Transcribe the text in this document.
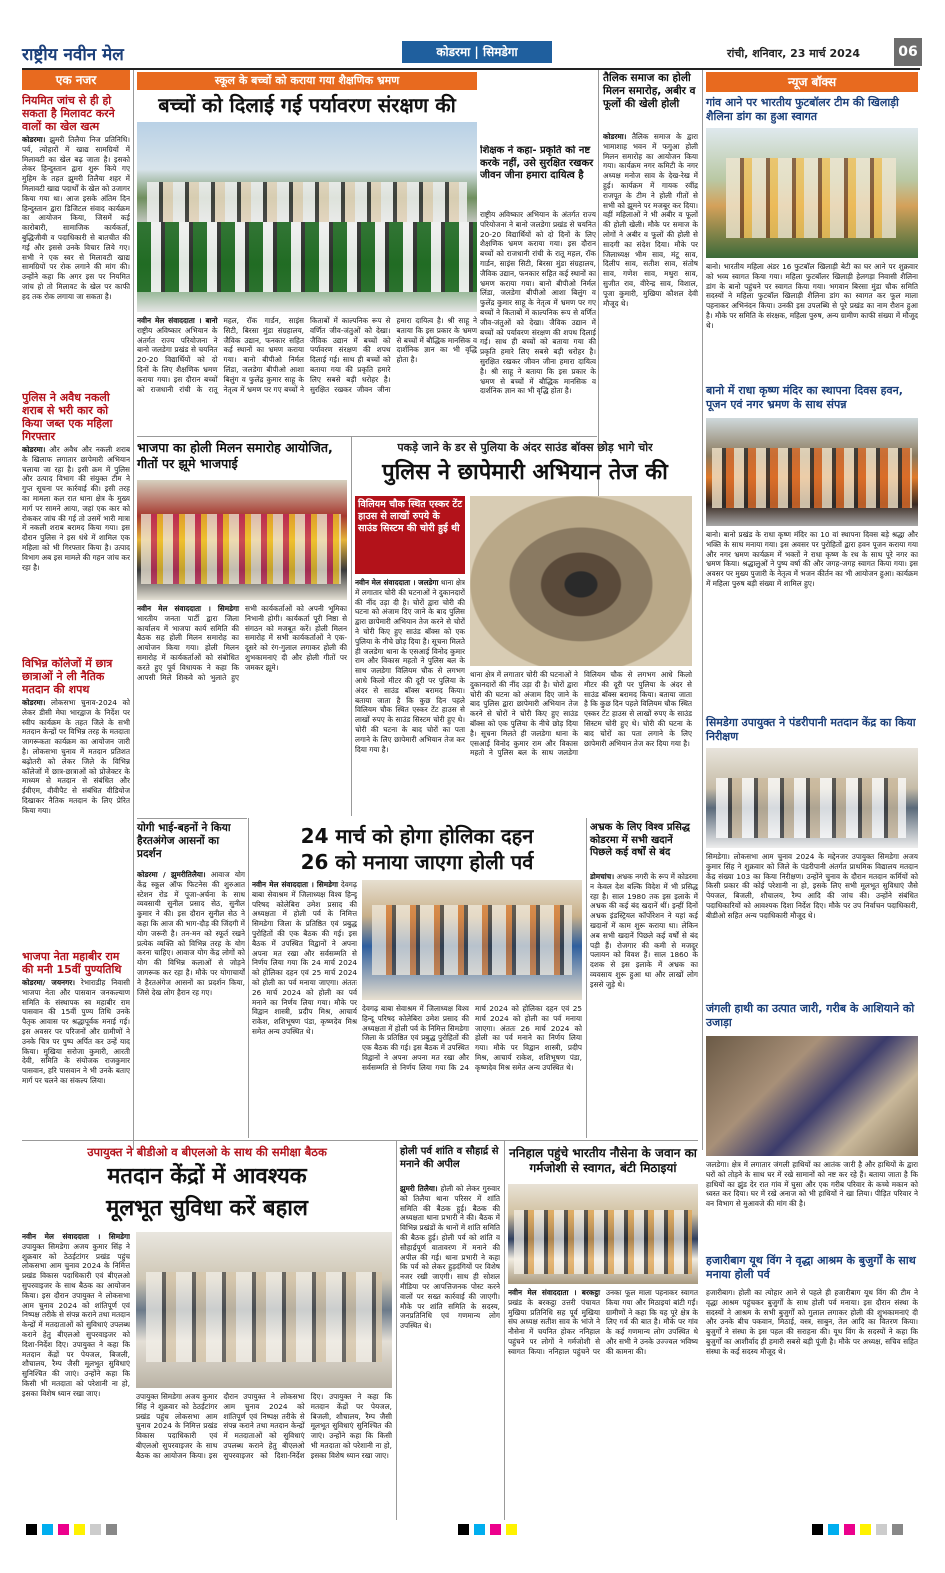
राष्ट्रीय नवीन मेल	कोडरमा | सिमडेगा	रांची, शनिवार, 23 मार्च 2024	06
एक नजर
नियमित जांच से ही हो सकता है मिलावट करने वालों का खेल खत्म
कोडरमा। झुमरी तिलैया निज प्रतिनिधि। पर्व, त्योहारों में खाद्य सामग्रियों में मिलावटी का खेल बढ़ जाता है। इसको लेकर हिन्दुस्तान द्वारा शुरू किये गए मुहिम के तहत झुमरी तिलैया शहर में मिलावटी खाद्य पदार्थों के खेल को उजागर किया गया था। आज इसके अंतिम दिन हिन्दुस्तान द्वारा डिजिटल संवाद कार्यक्रम का आयोजन किया, जिसमें कई कारोबारी, सामाजिक कार्यकर्ता, बुद्धिजीवी व पदाधिकारी से बातचीत की गई और इससे उनके विचार लिये गए। सभी ने एक स्वर से मिलावटी खाद्य सामग्रियों पर रोक लगाने की मांग की। उन्होंने कहा कि अगर इस पर नियमित जांच हो तो मिलावट के खेल पर काफी हद तक रोक लगाया जा सकता है।
पुलिस ने अवैध नकली शराब से भरी कार को किया जब्त एक महिला गिरफ्तार
कोडरमा। और अवैध और नकली शराब के खिलाफ लगातार छापेमारी अभियान चलाया जा रहा है। इसी क्रम में पुलिस और उत्पाद विभाग की संयुक्त टीम ने गुप्त सूचना पर कार्रवाई की। इसी तरह का मामला कल रात थाना क्षेत्र के मुख्य मार्ग पर सामने आया, जहां एक कार को रोककर जांच की गई तो उसमें भारी मात्रा में नकली शराब बरामद किया गया। इस दौरान पुलिस ने इस धंधे में शामिल एक महिला को भी गिरफ्तार किया है। उत्पाद विभाग अब इस मामले की गहन जांच कर रहा है।
विभिन्न कॉलेजों में छात्र छात्राओं ने ली नैतिक मतदान की शपथ
कोडरमा। लोकसभा चुनाव-2024 को लेकर डीसी मेघा भारद्वाज के निर्देश पर स्वीप कार्यक्रम के तहत जिले के सभी मतदान केन्द्रों पर विभिन्न तरह के मतदाता जागरूकता कार्यक्रम का आयोजन जारी है। लोकसभा चुनाव में मतदान प्रतिशत बढ़ोतरी को लेकर जिले के विभिन्न कॉलेजों में छात्र-छात्राओं को प्रोजेक्टर के माध्यम से मतदान से संबंधित और ईवीएम, वीवीपैट से संबंधित वीडियोज दिखाकर नैतिक मतदान के लिए प्रेरित किया गया।
भाजपा नेता महाबीर राम की मनी 15वीं पुण्यतिथि
कोडरमा/ जयनगर। रेभाराडीह निवासी भाजपा नेता और पासवान जनकल्याण समिति के संस्थापक स्व महाबीर राम पासवान की 15वीं पुण्य तिथि उनके पैतृक आवास पर श्रद्धापूर्वक मनाई गई। इस अवसर पर परिजनों और ग्रामीणों ने उनके चित्र पर पुष्प अर्पित कर उन्हें याद किया। मुखिया सरोजा कुमारी, आरती देवी, समिति के संयोजक राजकुमार पासवान, हरि पासवान ने भी उनके बताए मार्ग पर चलने का संकल्प लिया।
स्कूल के बच्चों को कराया गया शैक्षणिक भ्रमण
बच्चों को दिलाई गई पर्यावरण संरक्षण की
शिक्षक ने कहा- प्रकृति को नष्ट करके नहीं, उसे सुरक्षित रखकर जीवन जीना हमारा दायित्व है
नवीन मेल संवाददाता । बानो राष्ट्रीय अविष्कार अभियान के अंतर्गत राज्य परियोजना ने बानो जलडेगा प्रखंड से चयनित 20-20 विद्यार्थियों को दो दिनों के लिए शैक्षणिक भ्रमण कराया गया। इस दौरान बच्चों को राजधानी रांची के रातू महल, रॉक गार्डन, साइंस सिटी, बिरसा मुंडा संग्रहालय, जैविक उद्यान, फनकार सहित कई स्थानों का भ्रमण कराया गया। बानो बीपीओ निर्मल लिंडा, जलडेगा बीपीओ आशा बिलुंग व फुलेंद्र कुमार साहू के नेतृत्व में भ्रमण पर गए बच्चों ने किताबों में काल्पनिक रूप से वर्णित जीव-जंतुओं को देखा। जैविक उद्यान में बच्चों को पर्यावरण संरक्षण की शपथ दिलाई गई। साथ ही बच्चों को बताया गया की प्रकृति हमारे लिए सबसे बड़ी धरोहर है। सुरक्षित रखकर जीवन जीना हमारा दायित्व है। श्री साहू ने बताया कि इस प्रकार के भ्रमण से बच्चों में बौद्धिक मानसिक व दार्शनिक ज्ञान का भी वृद्धि होता है।
राष्ट्रीय अविष्कार अभियान के अंतर्गत राज्य परियोजना ने बानो जलडेगा प्रखंड से चयनित 20-20 विद्यार्थियों को दो दिनों के लिए शैक्षणिक भ्रमण कराया गया। इस दौरान बच्चों को राजधानी रांची के रातू महल, रॉक गार्डन, साइंस सिटी, बिरसा मुंडा संग्रहालय, जैविक उद्यान, फनकार सहित कई स्थानों का भ्रमण कराया गया। बानो बीपीओ निर्मल लिंडा, जलडेगा बीपीओ आशा बिलुंग व फुलेंद्र कुमार साहू के नेतृत्व में भ्रमण पर गए बच्चों ने किताबों में काल्पनिक रूप से वर्णित जीव-जंतुओं को देखा। जैविक उद्यान में बच्चों को पर्यावरण संरक्षण की शपथ दिलाई गई। साथ ही बच्चों को बताया गया की प्रकृति हमारे लिए सबसे बड़ी धरोहर है। सुरक्षित रखकर जीवन जीना हमारा दायित्व है। श्री साहू ने बताया कि इस प्रकार के भ्रमण से बच्चों में बौद्धिक मानसिक व दार्शनिक ज्ञान का भी वृद्धि होता है।
तैलिक समाज का होली मिलन समारोह, अबीर व फूलों की खेली होली
कोडरमा। तैलिक समाज के द्वारा भामाशाह भवन में फगुआ होली मिलन समारोह का आयोजन किया गया। कार्यक्रम नगर कमिटी के नगर अध्यक्ष मनोज साव के देख-रेख में हुई। कार्यक्रम में गायक रवींद्र राजपूत के टीम ने होली गीतों से सभी को झूमने पर मजबूर कर दिया। वहीं महिलाओं ने भी अबीर व फूलों की होली खेली। मौके पर समाज के लोगों ने अबीर व फूलों की होली से सादगी का संदेश दिया। मौके पर जिलाध्यक्ष भीम साव, मंटू साव, दिलीप साव, सतीश साव, संतोष साव, गणेश साव, मथुरा साव, सुजीत राव, वीरेन्द्र साव, विशाल, पूजा कुमारी, मुखिया कौशल देवी मौजूद थे।
न्यूज बॉक्स
गांव आने पर भारतीय फुटबॉलर टीम की खिलाड़ी शैलिना डांग का हुआ स्वागत
बानो। भारतीय महिला अंडर 16 फुटबॉल खिलाड़ी बेटी का घर आने पर शुक्रवार को भव्य स्वागत किया गया। महिला फुटबॉलर खिलाड़ी हेलगड़ा निवासी शैलिना डांग के बानो पहुंचने पर स्वागत किया गया। भगवान बिरसा मुंडा चौक समिति सदस्यों ने महिला फुटबॉल खिलाड़ी शैलिना डांग का स्वागत कर फूल माला पहनाकर अभिनंदन किया। उनकी इस उपलब्धि से पूरे प्रखंड का नाम रौशन हुआ है। मौके पर समिति के संरक्षक, महिला पुरुष, अन्य ग्रामीण काफी संख्या में मौजूद थे।
बानो में राधा कृष्ण मंदिर का स्थापना दिवस हवन, पूजन एवं नगर भ्रमण के साथ संपन्न
बानो। बानो प्रखंड के राधा कृष्ण मंदिर का 10 वां स्थापना दिवस बड़े श्रद्धा और भक्ति के साथ मनाया गया। इस अवसर पर पुरोहितों द्वारा हवन पूजन कराया गया और नगर भ्रमण कार्यक्रम में भक्तों ने राधा कृष्ण के रथ के साथ पूरे नगर का भ्रमण किया। श्रद्धालुओं ने पुष्प वर्षा की और जगह-जगह स्वागत किया गया। इस अवसर पर मुख्य पुजारी के नेतृत्व में भजन कीर्तन का भी आयोजन हुआ। कार्यक्रम में महिला पुरुष बड़ी संख्या में शामिल हुए।
सिमडेगा उपायुक्त ने पंडरीपानी मतदान केंद्र का किया निरीक्षण
सिमडेगा। लोकसभा आम चुनाव 2024 के मद्देनजर उपायुक्त सिमडेगा अजय कुमार सिंह ने शुक्रवार को जिले के पंडरीपानी अंतर्गत प्राथमिक विद्यालय मतदान केंद्र संख्या 103 का किया निरीक्षण। उन्होंने चुनाव के दौरान मतदान कर्मियों को किसी प्रकार की कोई परेशानी ना हो, इसके लिए सभी मूलभूत सुविधाएं जैसे पेयजल, बिजली, शौचालय, रैम्प आदि की जांच की। उन्होंने संबंधित पदाधिकारियों को आवश्यक दिशा निर्देश दिए। मौके पर उप निर्वाचन पदाधिकारी, बीडीओ सहित अन्य पदाधिकारी मौजूद थे।
जंगली हाथी का उत्पात जारी, गरीब के आशियाने को उजाड़ा
जलडेगा। क्षेत्र में लगातार जंगली हाथियों का आतंक जारी है और हाथियों के द्वारा घरों को तोड़ने के साथ घर में रखे सामानों को नष्ट कर रहे हैं। बताया जाता है कि हाथियों का झुंड देर रात गांव में घुसा और एक गरीब परिवार के कच्चे मकान को ध्वस्त कर दिया। घर में रखे अनाज को भी हाथियों ने खा लिया। पीड़ित परिवार ने वन विभाग से मुआवजे की मांग की है।
हजारीबाग यूथ विंग ने वृद्धा आश्रम के बुजुर्गों के साथ मनाया होली पर्व
हजारीबाग। होली का त्योहार आने से पहले ही हजारीबाग यूथ विंग की टीम ने वृद्धा आश्रम पहुंचकर बुजुर्गों के साथ होली पर्व मनाया। इस दौरान संस्था के सदस्यों ने आश्रम के सभी बुजुर्गों को गुलाल लगाकर होली की शुभकामनाएं दी और उनके बीच पकवान, मिठाई, वस्त्र, साबुन, तेल आदि का वितरण किया। बुजुर्गों ने संस्था के इस पहल की सराहना की। यूथ विंग के सदस्यों ने कहा कि बुजुर्गों का आशीर्वाद ही हमारी सबसे बड़ी पूंजी है। मौके पर अध्यक्ष, सचिव सहित संस्था के कई सदस्य मौजूद थे।
भाजपा का होली मिलन समारोह आयोजित, गीतों पर झूमे भाजपाई
नवीन मेल संवाददाता । सिमडेगा भारतीय जनता पार्टी द्वारा जिला कार्यालय में भाजपा कार्य समिति की बैठक सह होली मिलन समारोह का आयोजन किया गया। होली मिलन समारोह में कार्यकर्ताओं को संबोधित करते हुए पूर्व विधायक ने कहा कि आपसी मिले शिकवे को भुलाते हुए सभी कार्यकर्ताओं को अपनी भूमिका निभानी होगी। कार्यकर्ता पूरी निष्ठा से संगठन को मजबूत करें। होली मिलन समारोह में सभी कार्यकर्ताओं ने एक-दूसरे को रंग-गुलाल लगाकर होली की शुभकामनाएं दी और होली गीतों पर जमकर झूमे।
पकड़े जाने के डर से पुलिया के अंदर साउंड बॉक्स छोड़ भागे चोर
पुलिस ने छापेमारी अभियान तेज की
विलियम चौक स्थित एस्कर टेंट हाउस से लाखों रुपये के साउंड सिस्टम की चोरी हुई थी
नवीन मेल संवाददाता । जलडेगा थाना क्षेत्र में लगातार चोरी की घटनाओं ने दुकानदारों की नींद उड़ा दी है। चोरों द्वारा चोरी की घटना को अंजाम दिए जाने के बाद पुलिस द्वारा छापेमारी अभियान तेज करने से चोरों ने चोरी किए हुए साउंड बॉक्स को एक पुलिया के नीचे छोड़ दिया है। सूचना मिलते ही जलडेगा थाना के एसआई विनोद कुमार राम और विकास महतो ने पुलिस बल के साथ जलडेगा विलियम चौक से लगभग आधे किलो मीटर की दूरी पर पुलिया के अंदर से साउंड बॉक्स बरामद किया। बताया जाता है कि कुछ दिन पहले विलियम चौक स्थित एस्कर टेंट हाउस से लाखों रुपए के साउंड सिस्टम चोरी हुए थे। चोरी की घटना के बाद चोरों का पता लगाने के लिए छापेमारी अभियान तेज कर दिया गया है।
थाना क्षेत्र में लगातार चोरी की घटनाओं ने दुकानदारों की नींद उड़ा दी है। चोरों द्वारा चोरी की घटना को अंजाम दिए जाने के बाद पुलिस द्वारा छापेमारी अभियान तेज करने से चोरों ने चोरी किए हुए साउंड बॉक्स को एक पुलिया के नीचे छोड़ दिया है। सूचना मिलते ही जलडेगा थाना के एसआई विनोद कुमार राम और विकास महतो ने पुलिस बल के साथ जलडेगा विलियम चौक से लगभग आधे किलो मीटर की दूरी पर पुलिया के अंदर से साउंड बॉक्स बरामद किया। बताया जाता है कि कुछ दिन पहले विलियम चौक स्थित एस्कर टेंट हाउस से लाखों रुपए के साउंड सिस्टम चोरी हुए थे। चोरी की घटना के बाद चोरों का पता लगाने के लिए छापेमारी अभियान तेज कर दिया गया है।
योगी भाई-बहनों ने किया हैरतअंगेज आसनों का प्रदर्शन
कोडरमा / झुमरीतिलैया। आवाज योग केंद्र स्कूल ऑफ फिटनेस की शुरुआत स्टेशन रोड में पूजा-अर्चना के साथ व्यवसायी सुनील प्रसाद सेठ, सुनील कुमार ने की। इस दौरान सुनील सेठ ने कहा कि आज की भाग-दौड़ की जिंदगी में योग जरूरी है। तन-मन को स्फूर्त रखने प्रत्येक व्यक्ति को विभिन्न तरह के योग करना चाहिए। आवाज योग केंद्र लोगों को योग की विभिन्न कलाओं से जोड़ने जागरूक कर रहा है। मौके पर योगाचार्यों ने हैरतअंगेज आसनों का प्रदर्शन किया, जिसे देख लोग हैरान रह गए।
24 मार्च को होगा होलिका दहन
26 को मनाया जाएगा होली पर्व
नवीन मेल संवाददाता । सिमडेगा देवगढ़ बाबा सेवाश्रम में जिलाध्यक्ष विश्व हिन्दू परिषद कोलेबिरा उमेश प्रसाद की अध्यक्षता में होली पर्व के निमित्त सिमडेगा जिला के प्रतिष्ठित एवं प्रबुद्ध पुरोहितों की एक बैठक की गई। इस बैठक में उपस्थित विद्वानों ने अपना अपना मत रखा और सर्वसम्मति से निर्णय लिया गया कि 24 मार्च 2024 को होलिका दहन एवं 25 मार्च 2024 को होली का पर्व मनाया जाएगा। अंततः 26 मार्च 2024 को होली का पर्व मनाने का निर्णय लिया गया। मौके पर विद्वान शास्त्री, प्रदीप मिश्र, आचार्य राकेश, शशिभूषण पंडा, कृष्णदेव मिश्र समेत अन्य उपस्थित थे।
देवगढ़ बाबा सेवाश्रम में जिलाध्यक्ष विश्व हिन्दू परिषद कोलेबिरा उमेश प्रसाद की अध्यक्षता में होली पर्व के निमित्त सिमडेगा जिला के प्रतिष्ठित एवं प्रबुद्ध पुरोहितों की एक बैठक की गई। इस बैठक में उपस्थित विद्वानों ने अपना अपना मत रखा और सर्वसम्मति से निर्णय लिया गया कि 24 मार्च 2024 को होलिका दहन एवं 25 मार्च 2024 को होली का पर्व मनाया जाएगा। अंततः 26 मार्च 2024 को होली का पर्व मनाने का निर्णय लिया गया। मौके पर विद्वान शास्त्री, प्रदीप मिश्र, आचार्य राकेश, शशिभूषण पंडा, कृष्णदेव मिश्र समेत अन्य उपस्थित थे।
अभ्रक के लिए विश्व प्रसिद्ध कोडरमा में सभी खदानें पिछले कई वर्षों से बंद
डोमचांच। अभ्रक नगरी के रूप में कोडरमा न केवल देश बल्कि विदेश में भी प्रसिद्ध रहा है। साल 1980 तक इस इलाके में अभ्रक की कई बंद खदानें थीं। इन्हीं दिनों अभ्रक इंडस्ट्रियल कॉर्पोरेशन ने यहां कई खदानों में काम शुरू कराया था। लेकिन अब सभी खदानें पिछले कई वर्षों से बंद पड़ी हैं। रोजगार की कमी से मजदूर पलायन को विवश हैं। साल 1860 के दशक से इस इलाके में अभ्रक का व्यवसाय शुरू हुआ था और लाखों लोग इससे जुड़े थे।
उपायुक्त ने बीडीओ व बीएलओ के साथ की समीक्षा बैठक
मतदान केंद्रों में आवश्यक
मूलभूत सुविधा करें बहाल
नवीन मेल संवाददाता । सिमडेगा उपायुक्त सिमडेगा अजय कुमार सिंह ने शुक्रवार को ठेठईटांगर प्रखंड पहुंच लोकसभा आम चुनाव 2024 के निमित्त प्रखंड विकास पदाधिकारी एवं बीएलओ सुपरवाइजर के साथ बैठक का आयोजन किया। इस दौरान उपायुक्त ने लोकसभा आम चुनाव 2024 को शांतिपूर्ण एवं निष्पक्ष तरीके से संपन्न कराने तथा मतदान केन्द्रों में मतदाताओं को सुविधाएं उपलब्ध कराने हेतु बीएलओ सुपरवाइजर को दिशा-निर्देश दिए। उपायुक्त ने कहा कि मतदान केंद्रों पर पेयजल, बिजली, शौचालय, रैम्प जैसी मूलभूत सुविधाएं सुनिश्चित की जाएं। उन्होंने कहा कि किसी भी मतदाता को परेशानी ना हो, इसका विशेष ध्यान रखा जाए।	उपायुक्त सिमडेगा अजय कुमार सिंह ने शुक्रवार को ठेठईटांगर प्रखंड पहुंच लोकसभा आम चुनाव 2024 के निमित्त प्रखंड विकास पदाधिकारी एवं बीएलओ सुपरवाइजर के साथ बैठक का आयोजन किया। इस दौरान उपायुक्त ने लोकसभा आम चुनाव 2024 को शांतिपूर्ण एवं निष्पक्ष तरीके से संपन्न कराने तथा मतदान केन्द्रों में मतदाताओं को सुविधाएं उपलब्ध कराने हेतु बीएलओ सुपरवाइजर को दिशा-निर्देश दिए। उपायुक्त ने कहा कि मतदान केंद्रों पर पेयजल, बिजली, शौचालय, रैम्प जैसी मूलभूत सुविधाएं सुनिश्चित की जाएं। उन्होंने कहा कि किसी भी मतदाता को परेशानी ना हो, इसका विशेष ध्यान रखा जाए।
होली पर्व शांति व सौहार्द्र से मनाने की अपील
झुमरी तिलैया। होली को लेकर गुरुवार को तिलैया थाना परिसर में शांति समिति की बैठक हुई। बैठक की अध्यक्षता थाना प्रभारी ने की। बैठक में विभिन्न प्रखंडों के थानों में शांति समिति की बैठक हुई। होली पर्व को शांति व सौहार्द्रपूर्ण वातावरण में मनाने की अपील की गई। थाना प्रभारी ने कहा कि पर्व को लेकर हुड़दंगियों पर विशेष नजर रखी जाएगी। साथ ही सोशल मीडिया पर आपत्तिजनक पोस्ट करने वालों पर सख्त कार्रवाई की जाएगी। मौके पर शांति समिति के सदस्य, जनप्रतिनिधि एवं गणमान्य लोग उपस्थित थे।
ननिहाल पहुंचे भारतीय नौसेना के जवान का गर्मजोशी से स्वागत, बंटी मिठाइयां
नवीन मेल संवाददाता । बरकट्ठा प्रखंड के बरकट्ठा उत्तरी पंचायत मुखिया प्रतिनिधि सह पूर्व मुखिया संघ अध्यक्ष सतीश साव के भांजे ने नौसेना में चयनित होकर ननिहाल पहुंचने पर लोगों ने गर्मजोशी से स्वागत किया। ननिहाल पहुंचने पर उनका फूल माला पहनाकर स्वागत किया गया और मिठाइयां बांटी गईं। ग्रामीणों ने कहा कि यह पूरे क्षेत्र के लिए गर्व की बात है। मौके पर गांव के कई गणमान्य लोग उपस्थित थे और सभी ने उनके उज्ज्वल भविष्य की कामना की।
